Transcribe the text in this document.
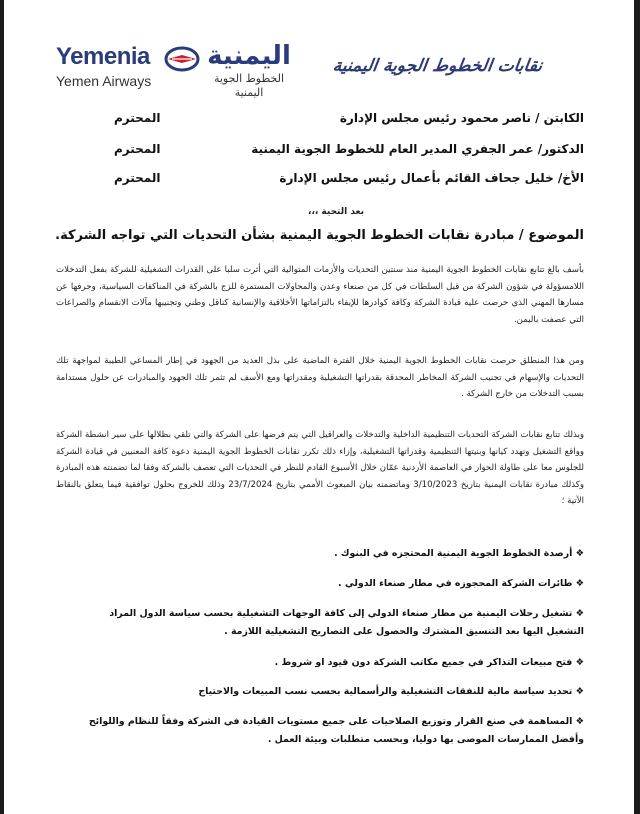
Yemenia
Yemen Airways
اليمنية
الخطوط الجوية اليمنية
نقابات الخطوط الجوية اليمنية
الكابتن / ناصر محمود رئيس مجلس الإدارة
المحترم
الدكتور/ عمر الجفري المدير العام للخطوط الجوية اليمنية
المحترم
الأخ/ خليل جحاف القائم بأعمال رئيس مجلس الإدارة
المحترم
بعد التحية ،،،
الموضوع / مبادرة نقابات الخطوط الجوية اليمنية بشأن التحديات التي تواجه الشركة.
بأسف بالغ تتابع نقابات الخطوط الجوية اليمنية منذ سنتين التحديات والأزمات المتوالية التي أثرت سلبا على القدرات التشغيلية للشركة بفعل التدخلات اللامسؤولة في شؤون الشركة من قبل السلطات في كل من صنعاء وعدن والمحاولات المستمرة للزج بالشركة في المناكفات السياسية، وحرفها عن مسارها المهني الذي حرصت عليه قيادة الشركة وكافة كوادرها للإيفاء بالتزاماتها الأخلاقية والإنسانية كناقل وطني وتجنيبها مآلات الانقسام والصراعات التي عصفت باليمن.
ومن هذا المنطلق حرصت نقابات الخطوط الجوية اليمنية خلال الفترة الماضية على بذل العديد من الجهود في إطار المساعي الطيبة لمواجهة تلك التحديات والإسهام في تجنيب الشركة المخاطر المحدقة بقدراتها التشغيلية ومقدراتها ومع الأسف لم تثمر تلك الجهود والمبادرات عن حلول مستدامة بسبب التدخلات من خارج الشركة .
وبذلك تتابع نقابات الشركة التحديات التنظيمية الداخلية والتدخلات والعراقيل التي يتم فرضها على الشركة والتي تلقي بظلالها على سير انشطة الشركة وواقع التشغيل وتهدد كيانها وبنيتها التنظيمية وقدراتها التشغيلية، وإزاء ذلك تكرر نقابات الخطوط الجوية اليمنية دعوة كافة المعنيين في قيادة الشركة للجلوس معا على طاولة الحوار في العاصمة الأردنية عمّان خلال الأسبوع القادم للنظر في التحديات التي تعصف بالشركة وفقا لما تضمنته هذه المبادرة وكذلك مبادرة نقابات اليمنية بتاريخ 3/10/2023 وماتضمنه بيان المبعوث الأممي بتاريخ 23/7/2024 وذلك للخروج بحلول توافقية فيما يتعلق بالنقاط الآتية ؛
❖ أرصدة الخطوط الجوية اليمنية المحتجزه في البنوك .
❖ طائرات الشركة المحجوزه في مطار صنعاء الدولي .
❖ تشغيل رحلات اليمنية من مطار صنعاء الدولي إلى كافة الوجهات التشغيلية بحسب سياسة الدول المراد التشغيل اليها بعد التنسيق المشترك والحصول على التصاريح التشغيلية اللازمة .
❖ فتح مبيعات التذاكر في جميع مكاتب الشركة دون قيود او شروط .
❖ تحديد سياسة مالية للنفقات التشغيلية والرأسمالية بحسب نسب المبيعات والاحتياج
❖ المساهمة في صنع القرار وتوزيع الصلاحيات على جميع مستويات القيادة في الشركة وفقاً للنظام واللوائح وأفضل الممارسات الموصى بها دوليا، وبحسب متطلبات وبيئة العمل .
